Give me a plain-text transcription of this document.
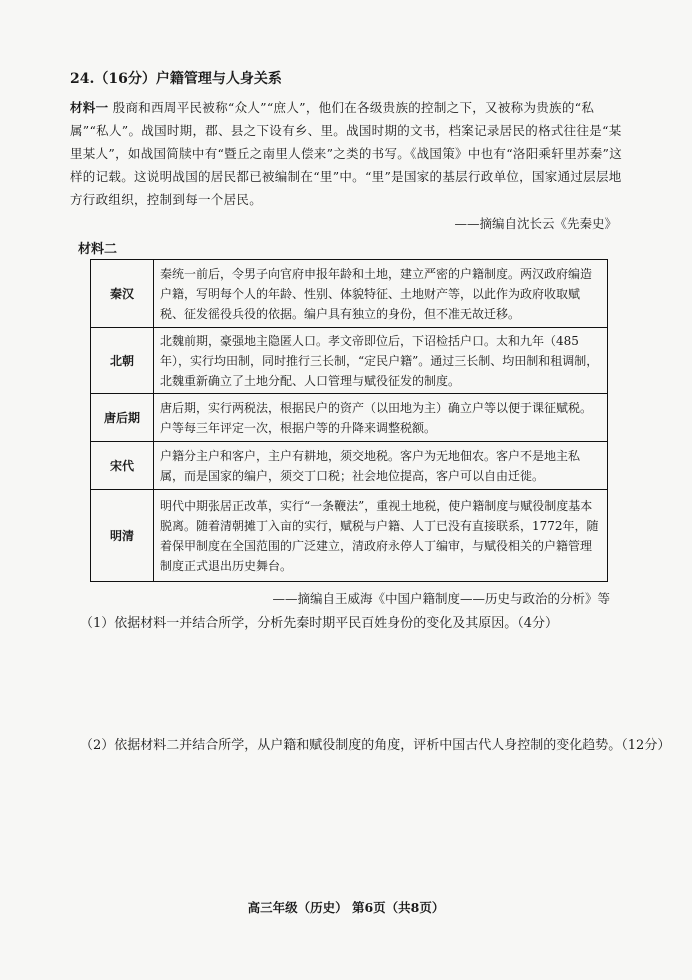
24.（16分）户籍管理与人身关系
材料一 殷商和西周平民被称“众人”“庶人”，他们在各级贵族的控制之下，又被称为贵族的“私属”“私人”。战国时期，郡、县之下设有乡、里。战国时期的文书，档案记录居民的格式往往是“某里某人”，如战国简牍中有“暨丘之南里人偿来”之类的书写。《战国策》中也有“洛阳乘轩里苏秦”这样的记载。这说明战国的居民都已被编制在“里”中。“里”是国家的基层行政单位，国家通过层层地方行政组织，控制到每一个居民。
——摘编自沈长云《先秦史》
材料二
秦汉	秦统一前后，令男子向官府申报年龄和土地，建立严密的户籍制度。两汉政府编造户籍，写明每个人的年龄、性别、体貌特征、土地财产等，以此作为政府收取赋税、征发徭役兵役的依据。编户具有独立的身份，但不准无故迁移。
北朝	北魏前期，豪强地主隐匿人口。孝文帝即位后，下诏检括户口。太和九年（485年），实行均田制，同时推行三长制，“定民户籍”。通过三长制、均田制和租调制，北魏重新确立了土地分配、人口管理与赋役征发的制度。
唐后期	唐后期，实行两税法，根据民户的资产（以田地为主）确立户等以便于课征赋税。户等每三年评定一次，根据户等的升降来调整税额。
宋代	户籍分主户和客户，主户有耕地，须交地税。客户为无地佃农。客户不是地主私属，而是国家的编户，须交丁口税；社会地位提高，客户可以自由迁徙。
明清	明代中期张居正改革，实行“一条鞭法”，重视土地税，使户籍制度与赋役制度基本脱离。随着清朝摊丁入亩的实行，赋税与户籍、人丁已没有直接联系，1772年，随着保甲制度在全国范围的广泛建立，清政府永停人丁编审，与赋役相关的户籍管理制度正式退出历史舞台。
——摘编自王威海《中国户籍制度——历史与政治的分析》等
（1）依据材料一并结合所学，分析先秦时期平民百姓身份的变化及其原因。（4分）
（2）依据材料二并结合所学，从户籍和赋役制度的角度，评析中国古代人身控制的变化趋势。（12分）
高三年级（历史） 第6页（共8页）
